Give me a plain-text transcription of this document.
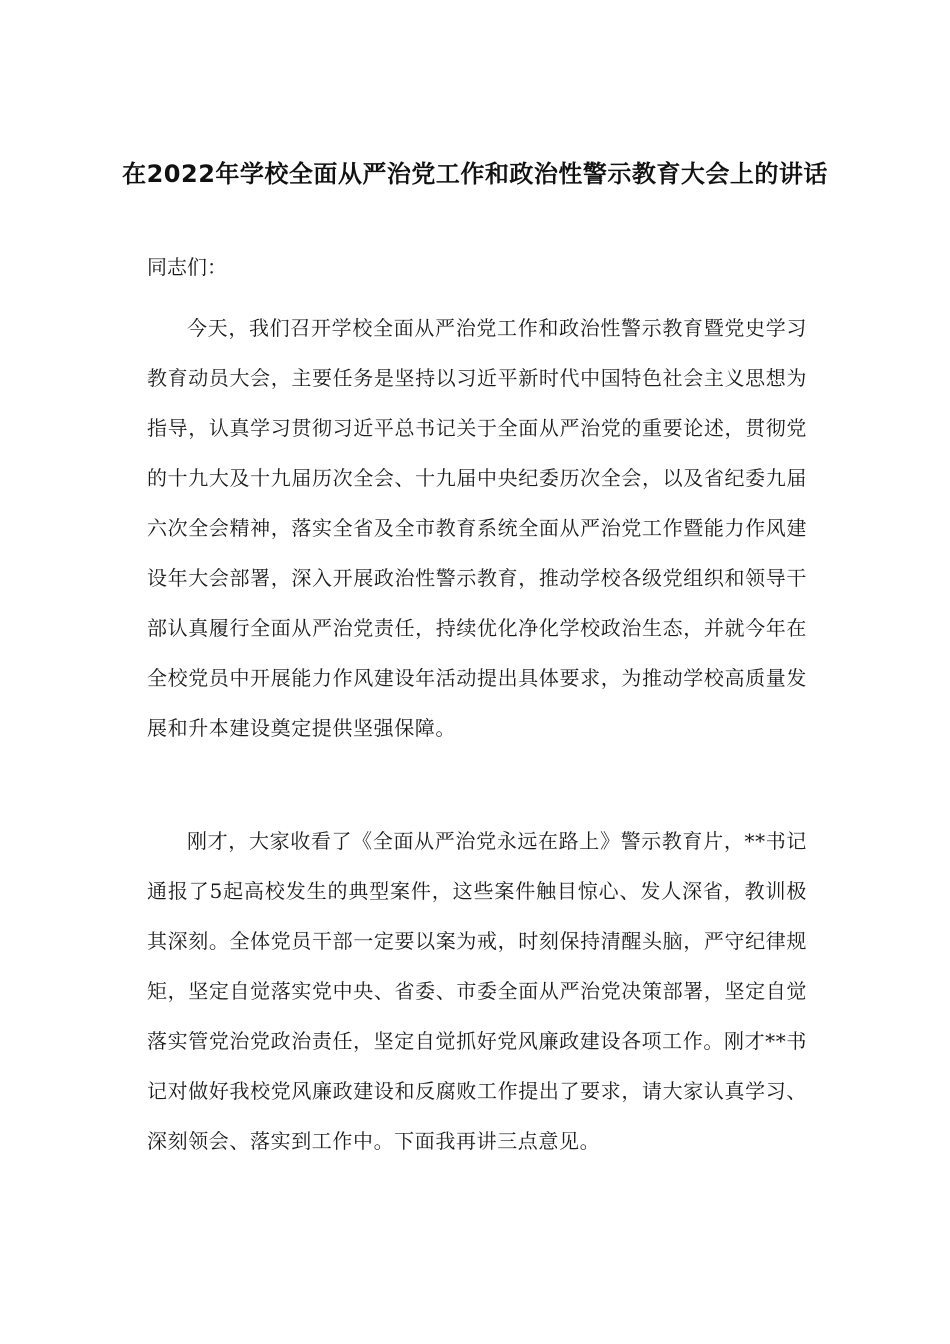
在2022年学校全面从严治党工作和政治性警示教育大会上的讲话

同志们：

今天，我们召开学校全面从严治党工作和政治性警示教育暨党史学习教育动员大会，主要任务是坚持以习近平新时代中国特色社会主义思想为指导，认真学习贯彻习近平总书记关于全面从严治党的重要论述，贯彻党的十九大及十九届历次全会、十九届中央纪委历次全会，以及省纪委九届六次全会精神，落实全省及全市教育系统全面从严治党工作暨能力作风建设年大会部署，深入开展政治性警示教育，推动学校各级党组织和领导干部认真履行全面从严治党责任，持续优化净化学校政治生态，并就今年在全校党员中开展能力作风建设年活动提出具体要求，为推动学校高质量发展和升本建设奠定提供坚强保障。

刚才，大家收看了《全面从严治党永远在路上》警示教育片，**书记通报了5起高校发生的典型案件，这些案件触目惊心、发人深省，教训极其深刻。全体党员干部一定要以案为戒，时刻保持清醒头脑，严守纪律规矩，坚定自觉落实党中央、省委、市委全面从严治党决策部署，坚定自觉落实管党治党政治责任，坚定自觉抓好党风廉政建设各项工作。刚才**书记对做好我校党风廉政建设和反腐败工作提出了要求，请大家认真学习、深刻领会、落实到工作中。下面我再讲三点意见。
